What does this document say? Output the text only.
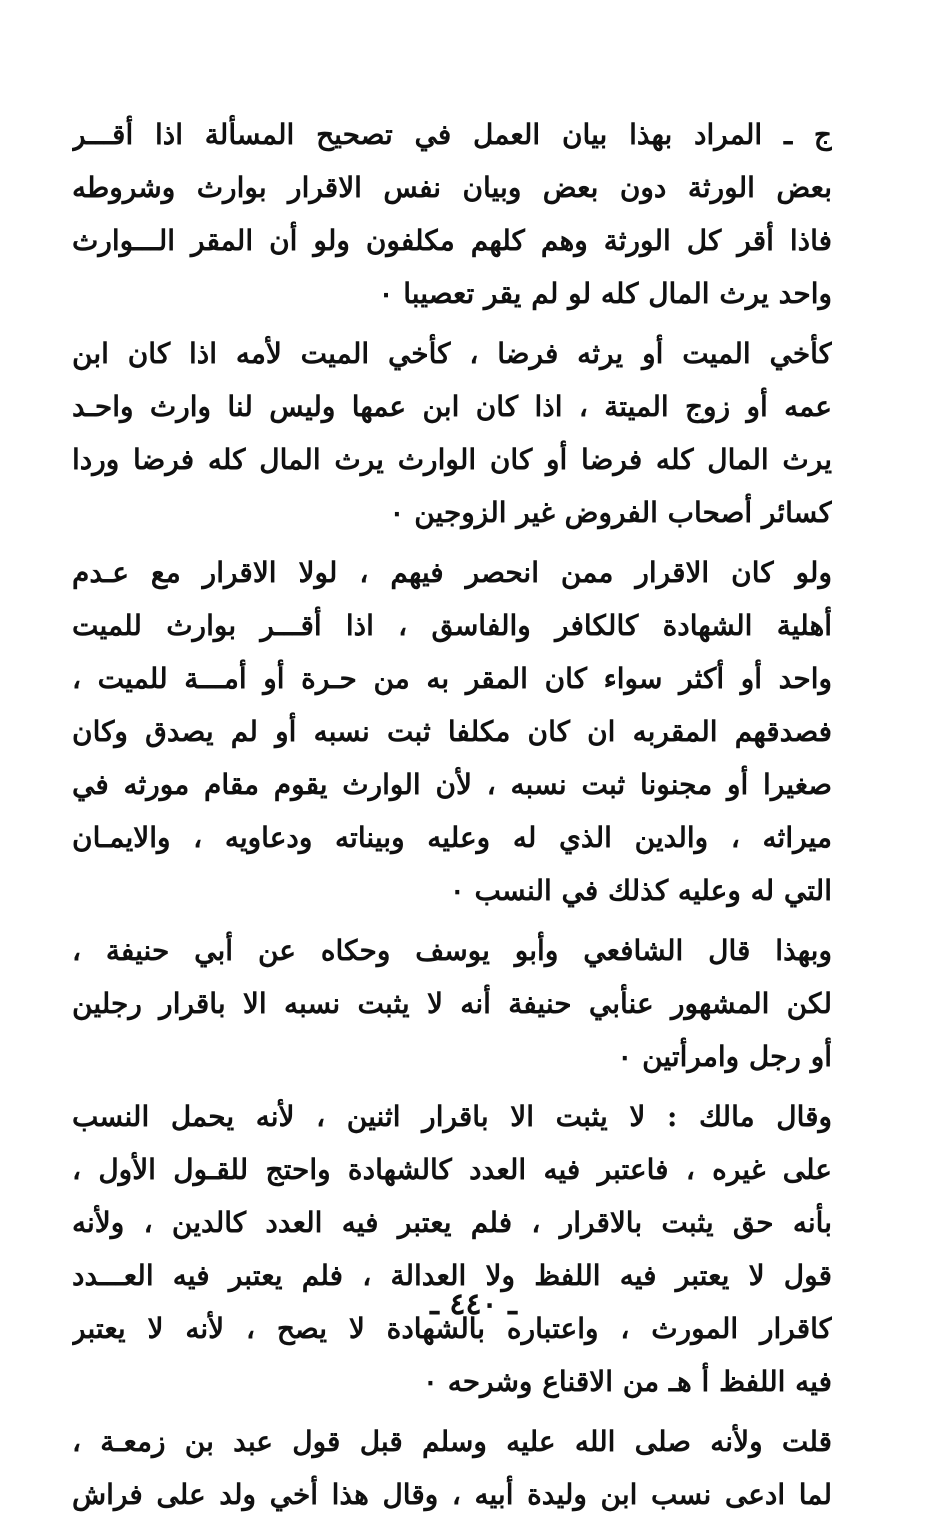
ج ـ المراد بهذا بيان العمل في تصحيح المسألة اذا أقـــر
بعض الورثة دون بعض وبيان نفس الاقرار بوارث وشروطه
فاذا أقر كل الورثة وهم كلهم مكلفون ولو أن المقر الـــوارث
واحد يرث المال كله لو لم يقر تعصيبا ٠
كأخي الميت أو يرثه فرضا ، كأخي الميت لأمه اذا كان ابن
عمه أو زوج الميتة ، اذا كان ابن عمها وليس لنا وارث واحـد
يرث المال كله فرضا أو كان الوارث يرث المال كله فرضا وردا
كسائر أصحاب الفروض غير الزوجين ٠
ولو كان الاقرار ممن انحصر فيهم ، لولا الاقرار مع عـدم
أهلية الشهادة كالكافر والفاسق ، اذا أقـــر بوارث للميت
واحد أو أكثر سواء كان المقر به من حـرة أو أمـــة للميت ،
فصدقهم المقربه ان كان مكلفا ثبت نسبه أو لم يصدق وكان
صغيرا أو مجنونا ثبت نسبه ، لأن الوارث يقوم مقام مورثه في
ميراثه ، والدين الذي له وعليه وبيناته ودعاويه ، والايمـان
التي له وعليه كذلك في النسب ٠
وبهذا قال الشافعي وأبو يوسف وحكاه عن أبي حنيفة ،
لكن المشهور عنأبي حنيفة أنه لا يثبت نسبه الا باقرار رجلين
أو رجل وامرأتين ٠
وقال مالك : لا يثبت الا باقرار اثنين ، لأنه يحمل النسب
على غيره ، فاعتبر فيه العدد كالشهادة واحتج للقـول الأول ،
بأنه حق يثبت بالاقرار ، فلم يعتبر فيه العدد كالدين ، ولأنه
قول لا يعتبر فيه اللفظ ولا العدالة ، فلم يعتبر فيه العـــدد
كاقرار المورث ، واعتباره بالشهادة لا يصح ، لأنه لا يعتبر
فيه اللفظ أ هـ من الاقناع وشرحه ٠
قلت ولأنه صلى الله عليه وسلم قبل قول عبد بن زمعـة ،
لما ادعى نسب ابن وليدة أبيه ، وقال هذا أخي ولد على فراش
ـ ٤٤٠ ـ
